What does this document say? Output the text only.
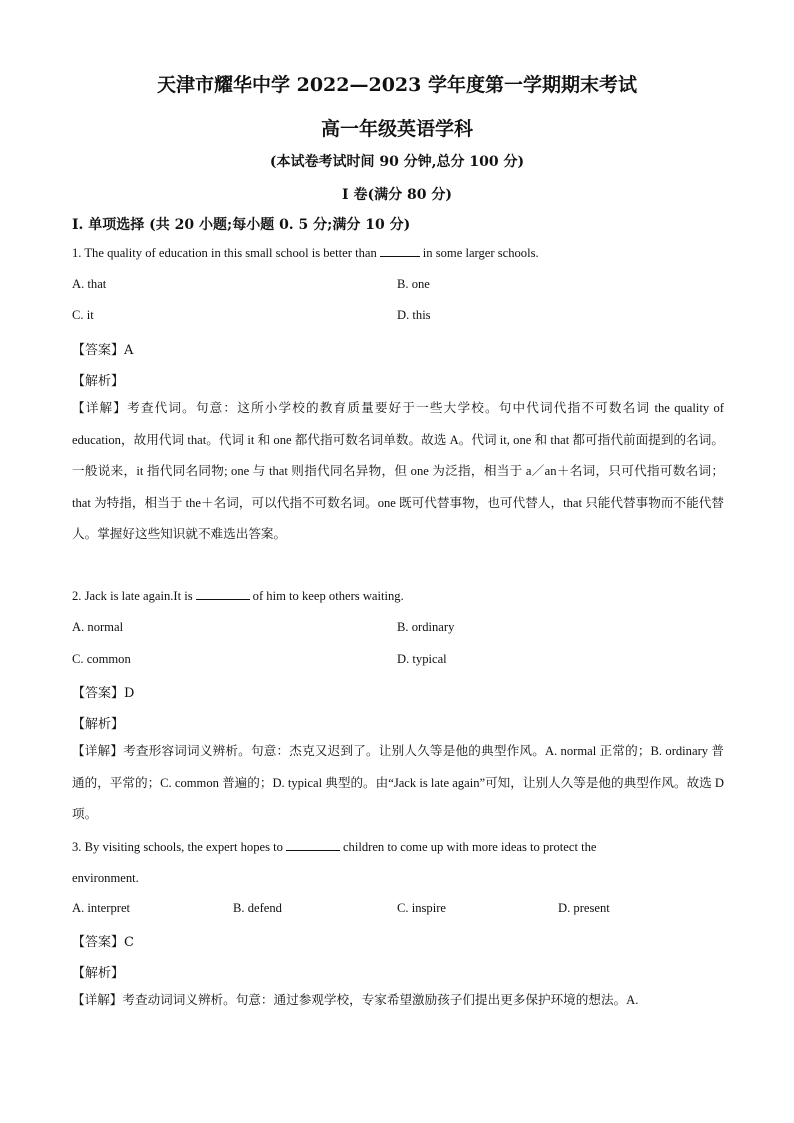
天津市耀华中学 2022—2023 学年度第一学期期末考试
高一年级英语学科
(本试卷考试时间 90 分钟,总分 100 分)
Ⅰ 卷(满分 80 分)
I. 单项选择 (共 20 小题;每小题 0. 5 分;满分 10 分)
1. The quality of education in this small school is better than	in some larger schools.
A. that	B. one
C. it	D. this
【答案】A
【解析】
【详解】考查代词。句意：这所小学校的教育质量要好于一些大学校。句中代词代指不可数名词 the quality of education，故用代词 that。代词 it 和 one 都代指可数名词单数。故选 A。代词 it, one 和 that 都可指代前面提到的名词。一般说来，it 指代同名同物; one 与 that 则指代同名异物，但 one 为泛指，相当于 a／an＋名词，只可代指可数名词；that 为特指，相当于 the＋名词，可以代指不可数名词。one 既可代替事物，也可代替人，that 只能代替事物而不能代替人。掌握好这些知识就不难选出答案。
2. Jack is late again.It is	of him to keep others waiting.
A. normal	B. ordinary
C. common	D. typical
【答案】D
【解析】
【详解】考查形容词词义辨析。句意：杰克又迟到了。让别人久等是他的典型作风。A. normal 正常的；B. ordinary 普通的，平常的；C. common 普遍的；D. typical 典型的。由“Jack is late again”可知，让别人久等是他的典型作风。故选 D 项。
3. By visiting schools, the expert hopes to	children to come up with more ideas to protect the
environment.
A. interpret	B. defend	C. inspire	D. present
【答案】C
【解析】
【详解】考查动词词义辨析。句意：通过参观学校，专家希望激励孩子们提出更多保护环境的想法。A.
